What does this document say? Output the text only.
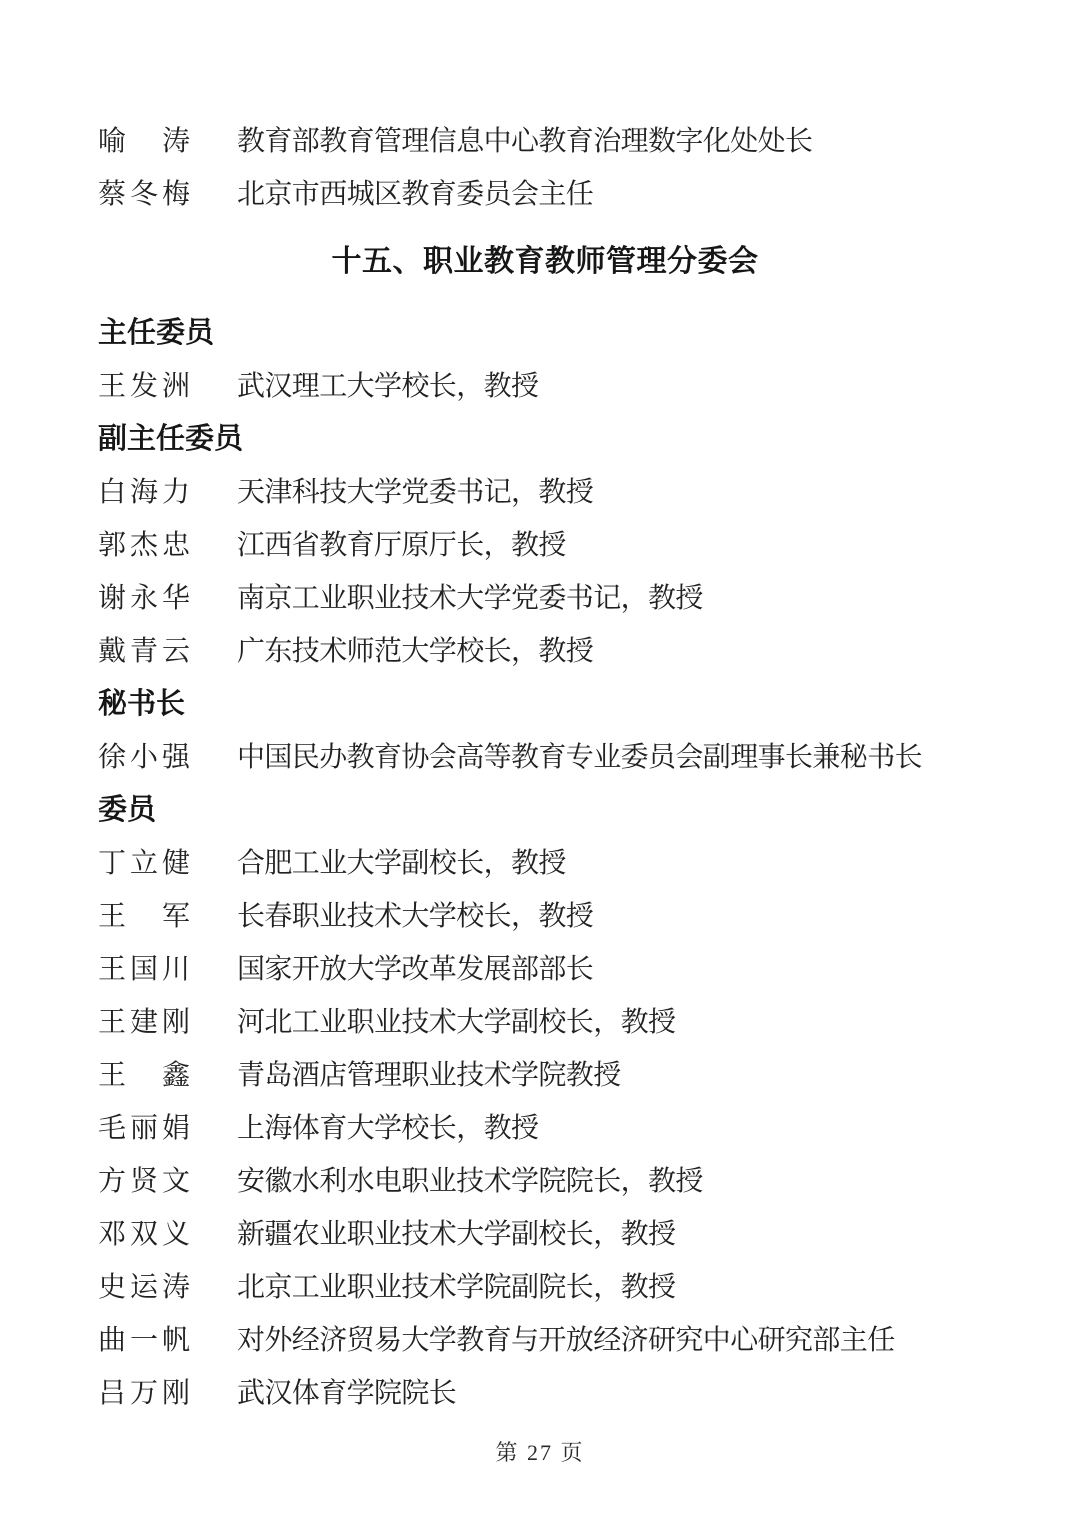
喻 涛 教育部教育管理信息中心教育治理数字化处处长
蔡 冬 梅 北京市西城区教育委员会主任
十五、职业教育教师管理分委会
主任委员
王 发 洲 武汉理工大学校长，教授
副主任委员
白 海 力 天津科技大学党委书记，教授
郭 杰 忠 江西省教育厅原厅长，教授
谢 永 华 南京工业职业技术大学党委书记，教授
戴 青 云 广东技术师范大学校长，教授
秘书长
徐 小 强 中国民办教育协会高等教育专业委员会副理事长兼秘书长
委员
丁 立 健 合肥工业大学副校长，教授
王 军 长春职业技术大学校长，教授
王 国 川 国家开放大学改革发展部部长
王 建 刚 河北工业职业技术大学副校长，教授
王 鑫 青岛酒店管理职业技术学院教授
毛 丽 娟 上海体育大学校长，教授
方 贤 文 安徽水利水电职业技术学院院长，教授
邓 双 义 新疆农业职业技术大学副校长，教授
史 运 涛 北京工业职业技术学院副院长，教授
曲 一 帆 对外经济贸易大学教育与开放经济研究中心研究部主任
吕 万 刚 武汉体育学院院长
第 27 页
